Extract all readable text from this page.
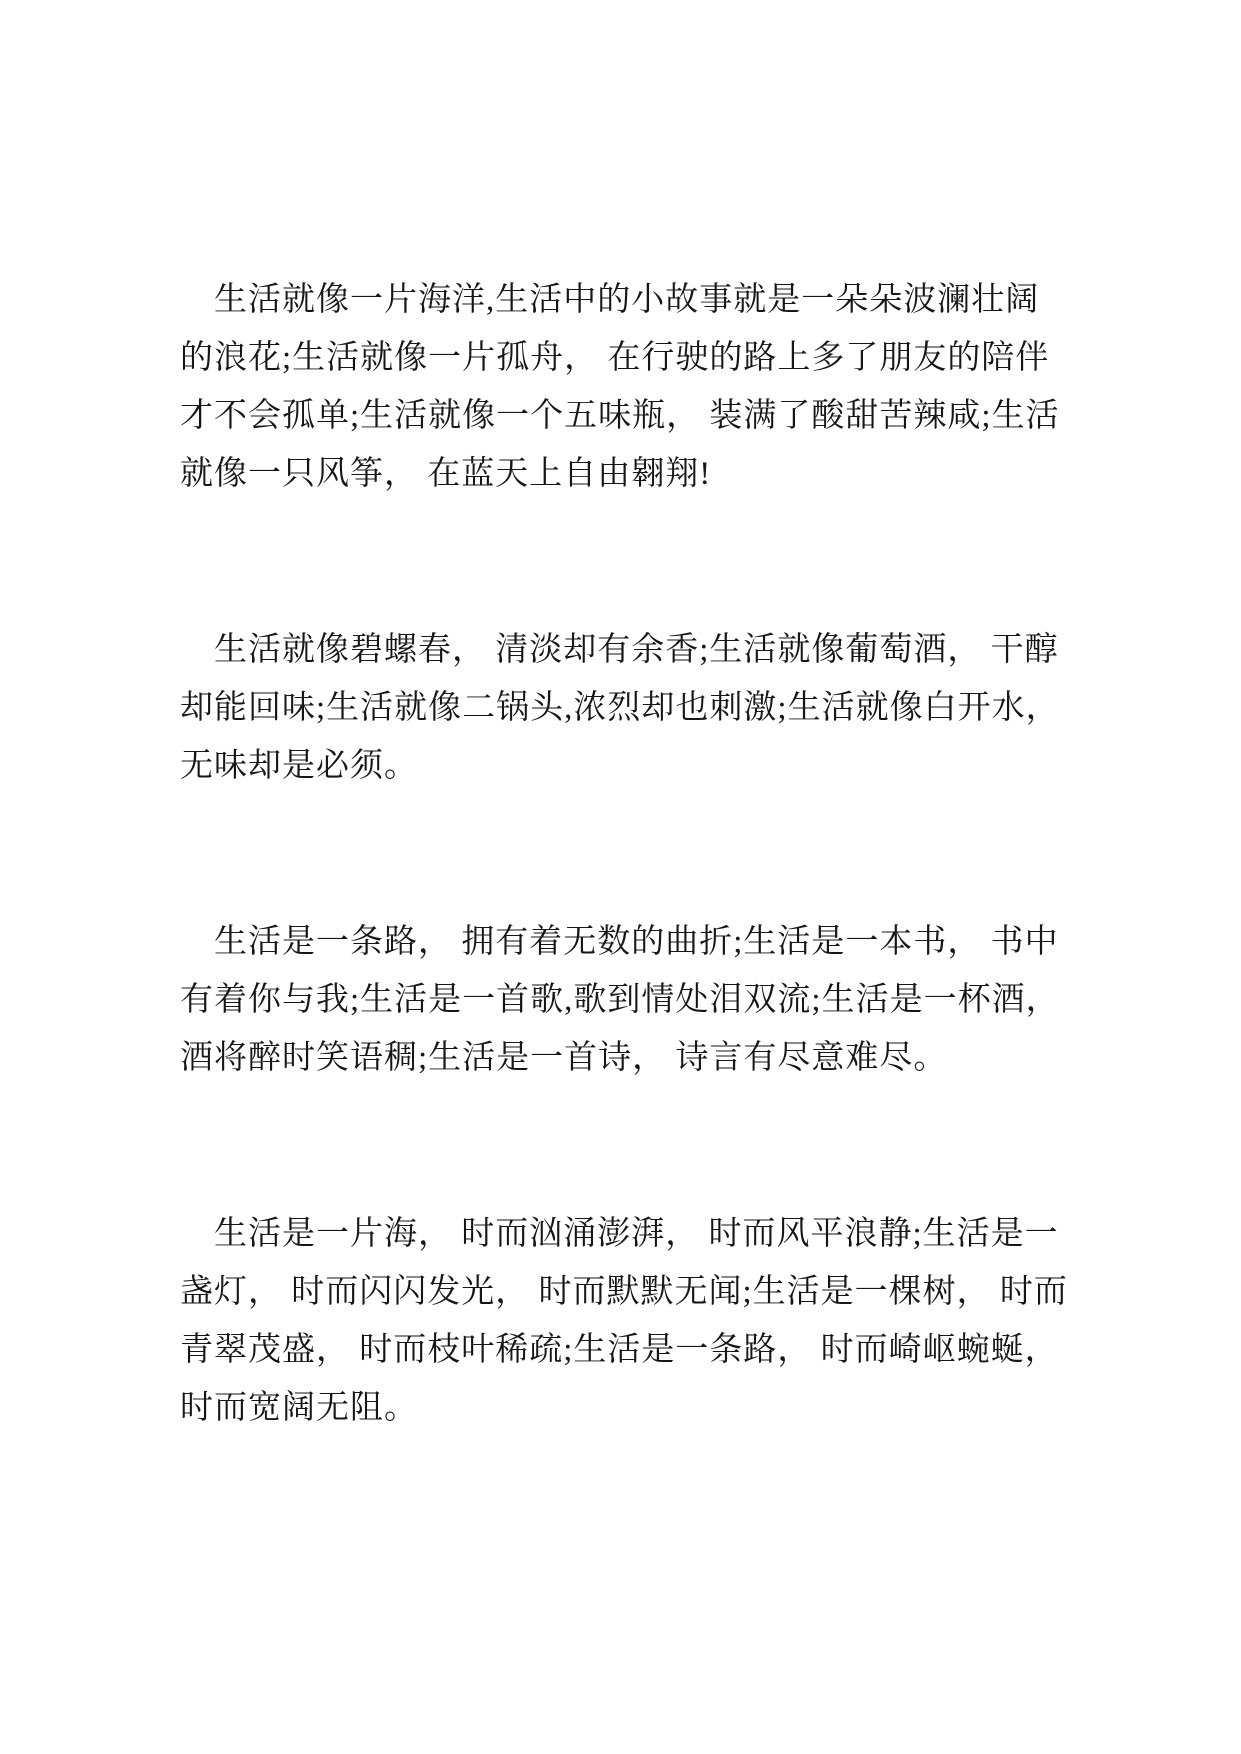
生活就像一片海洋,生活中的小故事就是一朵朵波澜壮阔
的浪花;生活就像一片孤舟， 在行驶的路上多了朋友的陪伴
才不会孤单;生活就像一个五味瓶， 装满了酸甜苦辣咸;生活
就像一只风筝， 在蓝天上自由翱翔!
生活就像碧螺春， 清淡却有余香;生活就像葡萄酒， 干醇
却能回味;生活就像二锅头,浓烈却也刺激;生活就像白开水，
无味却是必须。
生活是一条路， 拥有着无数的曲折;生活是一本书， 书中
有着你与我;生活是一首歌,歌到情处泪双流;生活是一杯酒，
酒将醉时笑语稠;生活是一首诗， 诗言有尽意难尽。
生活是一片海， 时而汹涌澎湃， 时而风平浪静;生活是一
盏灯， 时而闪闪发光， 时而默默无闻;生活是一棵树， 时而
青翠茂盛， 时而枝叶稀疏;生活是一条路， 时而崎岖蜿蜒，
时而宽阔无阻。
